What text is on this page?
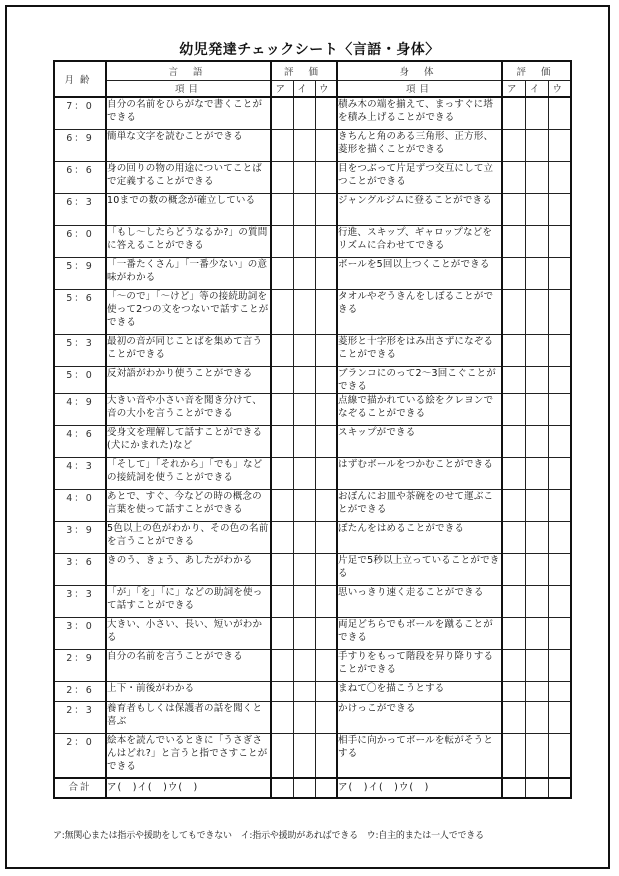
幼児発達チェックシート〈言語・身体〉
月齢	言 語	評 価			身 体	評 価		
	項目	ア	イ	ウ	項目	ア	イ	ウ
7：0	自分の名前をひらがなで書くことができる				積み木の端を揃えて、まっすぐに塔を積み上げることができる			
6：9	簡単な文字を読むことができる				きちんと角のある三角形、正方形、菱形を描くことができる			
6：6	身の回りの物の用途についてことばで定義することができる				目をつぶって片足ずつ交互にして立つことができる			
6：3	10までの数の概念が確立している				ジャングルジムに登ることができる			
6：0	「もし〜したらどうなるか?」の質問に答えることができる				行進、スキップ、ギャロップなどをリズムに合わせてできる			
5：9	「一番たくさん」「一番少ない」の意味がわかる				ボールを5回以上つくことができる			
5：6	「〜ので」「〜けど」等の接続助詞を使って2つの文をつないで話すことができる				タオルやぞうきんをしぼることができる			
5：3	最初の音が同じことばを集めて言うことができる				菱形と十字形をはみ出さずになぞることができる			
5：0	反対語がわかり使うことができる				ブランコにのって2〜3回こぐことができる			
4：9	大きい音や小さい音を聞き分けて、音の大小を言うことができる				点線で描かれている絵をクレヨンでなぞることができる			
4：6	受身文を理解して話すことができる(犬にかまれた)など				スキップができる			
4：3	「そして」「それから」「でも」などの接続詞を使うことができる				はずむボールをつかむことができる			
4：0	あとで、すぐ、今などの時の概念の言葉を使って話すことができる				おぼんにお皿や茶碗をのせて運ぶことができる			
3：9	5色以上の色がわかり、その色の名前を言うことができる				ぼたんをはめることができる			
3：6	きのう、きょう、あしたがわかる				片足で5秒以上立っていることができる			
3：3	「が」「を」「に」などの助詞を使って話すことができる				思いっきり速く走ることができる			
3：0	大きい、小さい、長い、短いがわかる				両足どちらでもボールを蹴ることができる			
2：9	自分の名前を言うことができる				手すりをもって階段を昇り降りすることができる			
2：6	上下・前後がわかる				まねて〇を描こうとする			
2：3	養育者もしくは保護者の話を聞くと喜ぶ				かけっこができる			
2：0	絵本を読んでいるときに「うさぎさんはどれ?」と言うと指でさすことができる				相手に向かってボールを転がそうとする			
合計	ア(　)イ(　)ウ(　)				ア(　)イ(　)ウ(　)			
ア:無関心または指示や援助をしてもできない　イ:指示や援助があればできる　ウ:自主的または一人でできる
